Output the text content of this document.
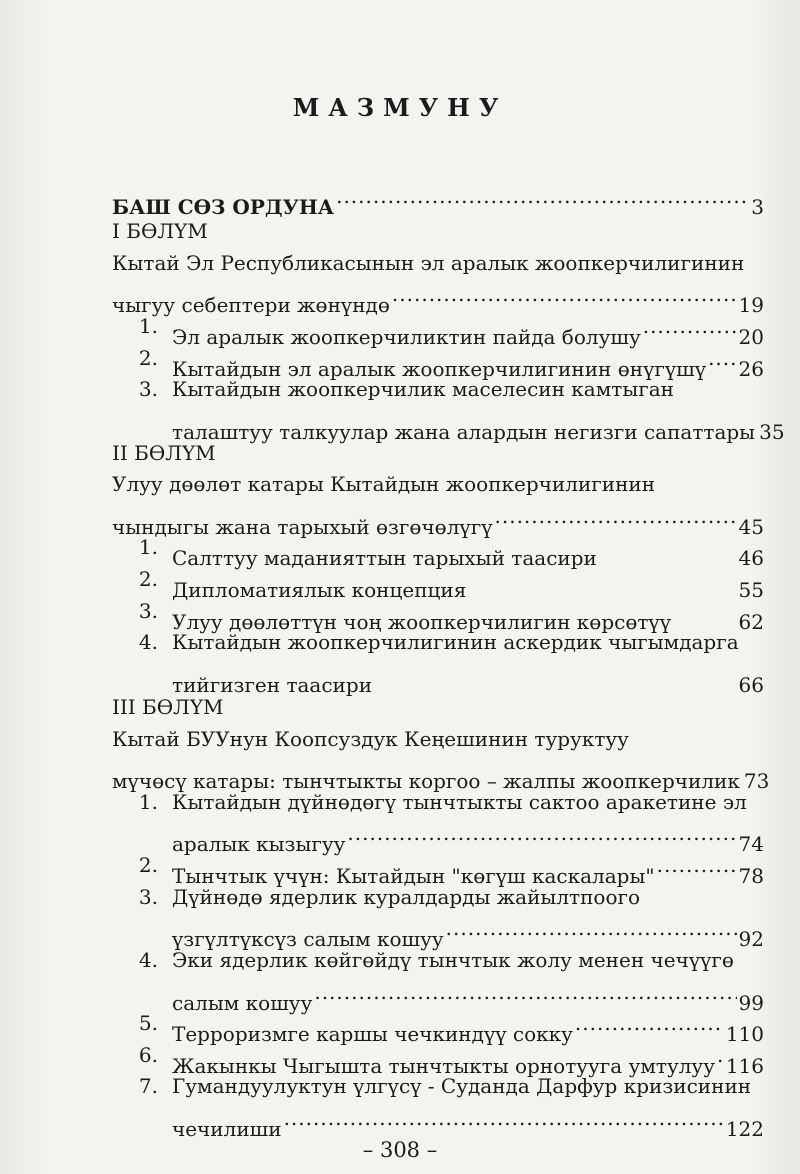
МАЗМУНУ
БАШ СӨЗ ОРДУНА .....	3
I БӨЛҮМ
Кытай Эл Республикасынын эл аралык жоопкерчилигинин
чыгуу себептери жөнүндө .....	19
1. Эл аралык жоопкерчиликтин пайда болушу .....	20
2. Кытайдын эл аралык жоопкерчилигинин өнүгүшү ..... 26
3. Кытайдын жоопкерчилик маселесин камтыган
талаштуу талкуулар жана алардын негизги сапаттары 35
II БӨЛҮМ
Улуу дөөлөт катары Кытайдын жоопкерчилигинин
чындыгы жана тарыхый өзгөчөлүгү .....	45
1. Салттуу маданияттын тарыхый таасири	46
2. Дипломатиялык концепция	55
3. Улуу дөөлөттүн чоң жоопкерчилигин көрсөтүү	62
4. Кытайдын жоопкерчилигинин аскердик чыгымдарга
тийгизген таасири	66
III БӨЛҮМ
Кытай БУУнун Коопсуздук Кеңешинин туруктуу
мүчөсү катары: тынчтыкты коргоо – жалпы жоопкерчилик 73
1. Кытайдын дүйнөдөгү тынчтыкты сактоо аракетине эл
аралык кызыгуу .....	74
2. Тынчтык үчүн: Кытайдын "көгүш каскалары" .....	78
3. Дүйнөдө ядерлик куралдарды жайылтпоого
үзгүлтүксүз салым кошуу .....	92
4. Эки ядерлик көйгөйдү тынчтык жолу менен чечүүгө
салым кошуу .....	99
5. Терроризмге каршы чечкиндүү сокку .....	110
6. Жакынкы Чыгышта тынчтыкты орнотууга умтулуу ..... 116
7. Гумандуулуктун үлгүсү - Суданда Дарфур кризисинин
чечилиши .....	122
– 308 –
